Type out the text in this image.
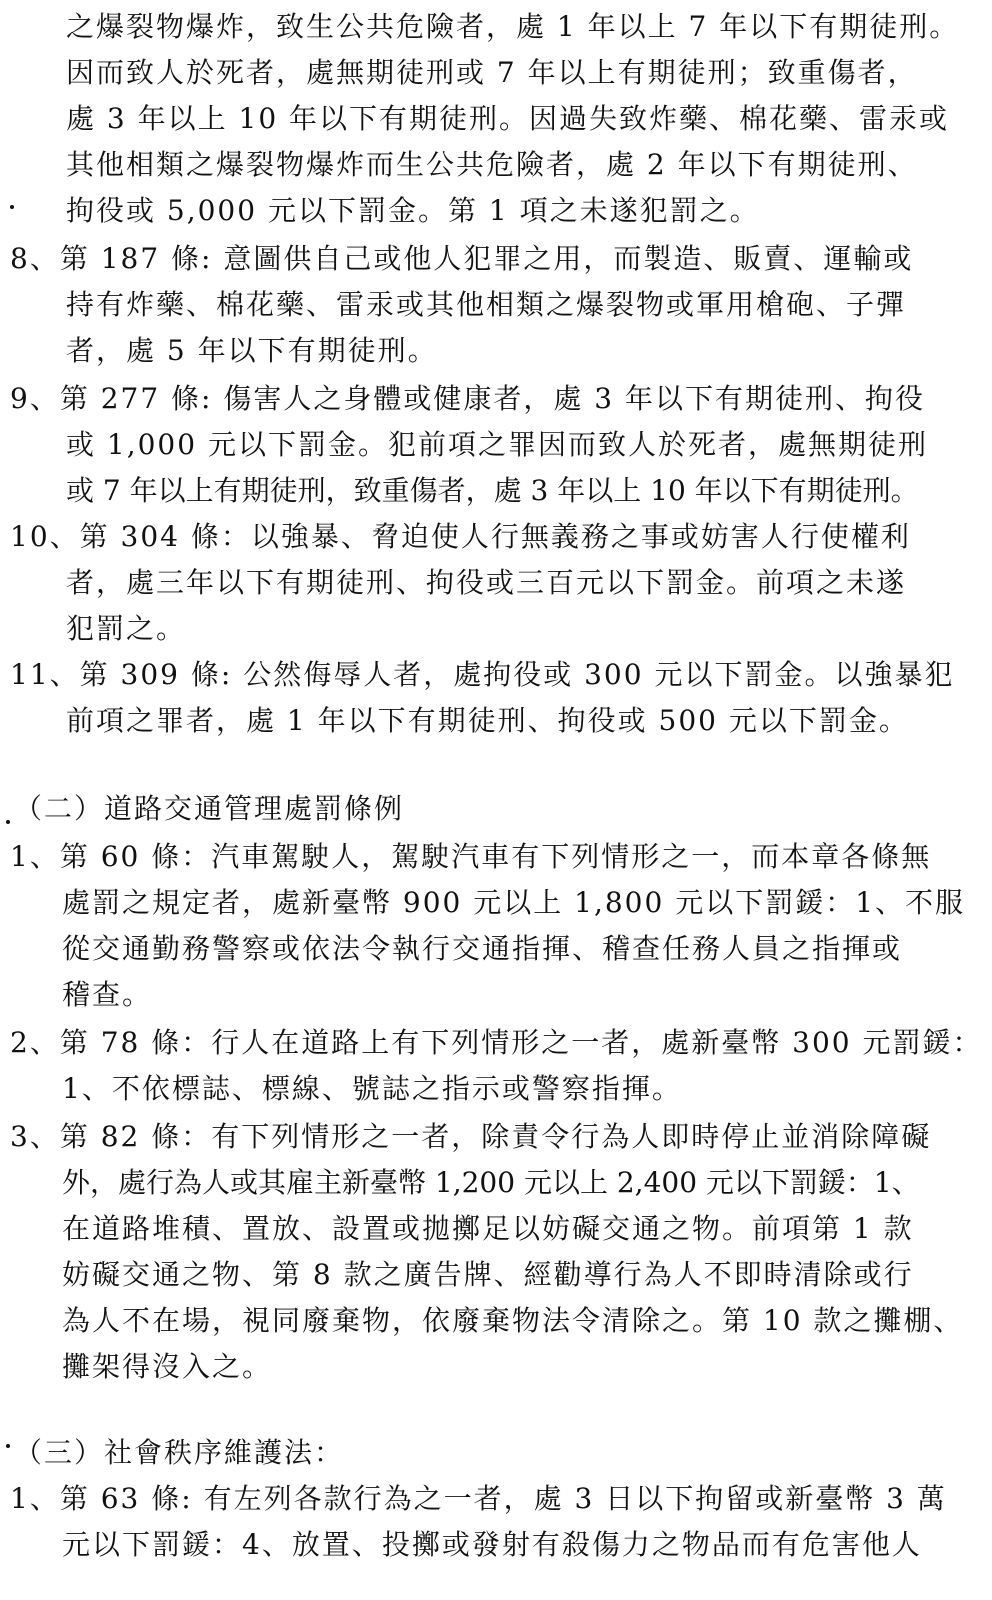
之爆裂物爆炸，致生公共危險者，處 1 年以上 7 年以下有期徒刑。
因而致人於死者，處無期徒刑或 7 年以上有期徒刑；致重傷者，
處 3 年以上 10 年以下有期徒刑。因過失致炸藥、棉花藥、雷汞或
其他相類之爆裂物爆炸而生公共危險者，處 2 年以下有期徒刑、
拘役或 5,000 元以下罰金。第 1 項之未遂犯罰之。
8、第 187 條: 意圖供自己或他人犯罪之用，而製造、販賣、運輸或
持有炸藥、棉花藥、雷汞或其他相類之爆裂物或軍用槍砲、子彈
者，處 5 年以下有期徒刑。
9、第 277 條: 傷害人之身體或健康者，處 3 年以下有期徒刑、拘役
或 1,000 元以下罰金。犯前項之罪因而致人於死者，處無期徒刑
或 7 年以上有期徒刑，致重傷者，處 3 年以上 10 年以下有期徒刑。
10、第 304 條：以強暴、脅迫使人行無義務之事或妨害人行使權利
者，處三年以下有期徒刑、拘役或三百元以下罰金。前項之未遂
犯罰之。
11、第 309 條: 公然侮辱人者，處拘役或 300 元以下罰金。以強暴犯
前項之罪者，處 1 年以下有期徒刑、拘役或 500 元以下罰金。
（二）道路交通管理處罰條例
1、第 60 條：汽車駕駛人，駕駛汽車有下列情形之一，而本章各條無
處罰之規定者，處新臺幣 900 元以上 1,800 元以下罰鍰：1、不服
從交通勤務警察或依法令執行交通指揮、稽查任務人員之指揮或
稽查。
2、第 78 條：行人在道路上有下列情形之一者，處新臺幣 300 元罰鍰：
1、不依標誌、標線、號誌之指示或警察指揮。
3、第 82 條：有下列情形之一者，除責令行為人即時停止並消除障礙
外，處行為人或其雇主新臺幣 1,200 元以上 2,400 元以下罰鍰：1、
在道路堆積、置放、設置或拋擲足以妨礙交通之物。前項第 1 款
妨礙交通之物、第 8 款之廣告牌、經勸導行為人不即時清除或行
為人不在場，視同廢棄物，依廢棄物法令清除之。第 10 款之攤棚、
攤架得沒入之。
（三）社會秩序維護法：
1、第 63 條: 有左列各款行為之一者，處 3 日以下拘留或新臺幣 3 萬
元以下罰鍰：4、放置、投擲或發射有殺傷力之物品而有危害他人
